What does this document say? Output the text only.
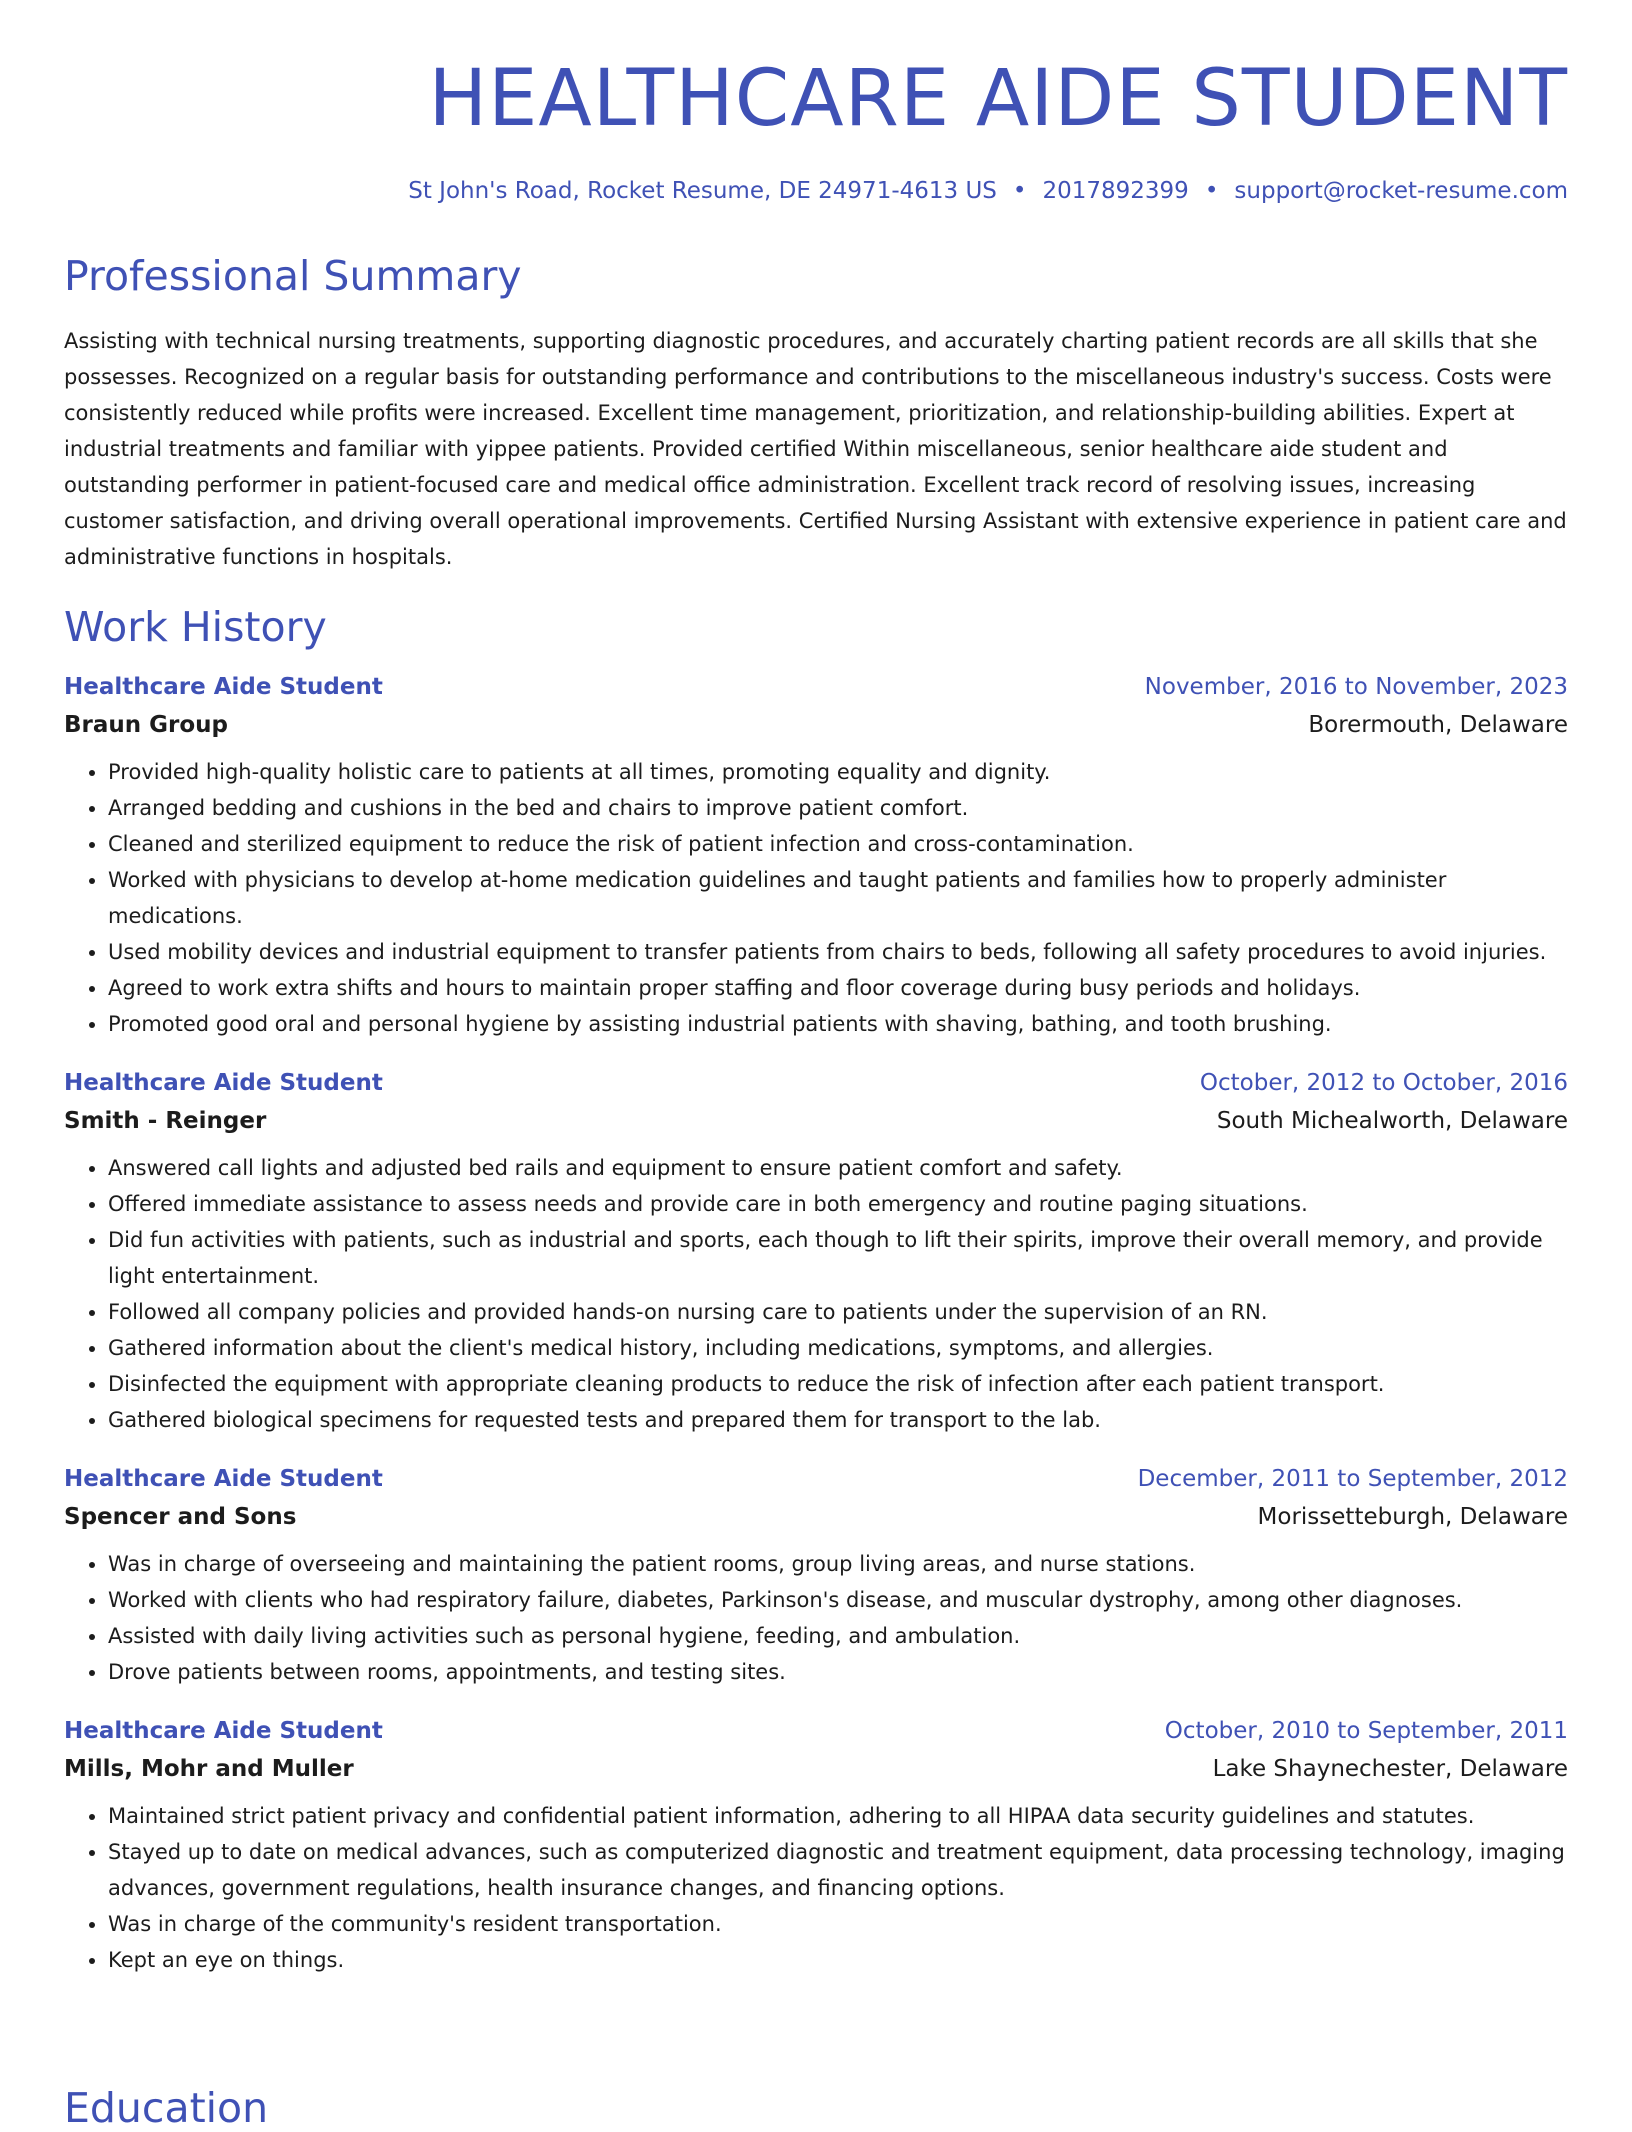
HEALTHCARE AIDE STUDENT
St John's Road, Rocket Resume, DE 24971-4613 US • 2017892399 • support@rocket-resume.com
Professional Summary
Assisting with technical nursing treatments, supporting diagnostic procedures, and accurately charting patient records are all skills that she possesses. Recognized on a regular basis for outstanding performance and contributions to the miscellaneous industry's success. Costs were consistently reduced while profits were increased. Excellent time management, prioritization, and relationship-building abilities. Expert at industrial treatments and familiar with yippee patients. Provided certified Within miscellaneous, senior healthcare aide student and outstanding performer in patient-focused care and medical office administration. Excellent track record of resolving issues, increasing customer satisfaction, and driving overall operational improvements. Certified Nursing Assistant with extensive experience in patient care and administrative functions in hospitals.
Work History
Healthcare Aide Student	November, 2016 to November, 2023
Braun Group	Borermouth, Delaware
• Provided high-quality holistic care to patients at all times, promoting equality and dignity.
• Arranged bedding and cushions in the bed and chairs to improve patient comfort.
• Cleaned and sterilized equipment to reduce the risk of patient infection and cross-contamination.
• Worked with physicians to develop at-home medication guidelines and taught patients and families how to properly administer medications.
• Used mobility devices and industrial equipment to transfer patients from chairs to beds, following all safety procedures to avoid injuries.
• Agreed to work extra shifts and hours to maintain proper staffing and floor coverage during busy periods and holidays.
• Promoted good oral and personal hygiene by assisting industrial patients with shaving, bathing, and tooth brushing.
Healthcare Aide Student	October, 2012 to October, 2016
Smith - Reinger	South Michealworth, Delaware
• Answered call lights and adjusted bed rails and equipment to ensure patient comfort and safety.
• Offered immediate assistance to assess needs and provide care in both emergency and routine paging situations.
• Did fun activities with patients, such as industrial and sports, each though to lift their spirits, improve their overall memory, and provide light entertainment.
• Followed all company policies and provided hands-on nursing care to patients under the supervision of an RN.
• Gathered information about the client's medical history, including medications, symptoms, and allergies.
• Disinfected the equipment with appropriate cleaning products to reduce the risk of infection after each patient transport.
• Gathered biological specimens for requested tests and prepared them for transport to the lab.
Healthcare Aide Student	December, 2011 to September, 2012
Spencer and Sons	Morissetteburgh, Delaware
• Was in charge of overseeing and maintaining the patient rooms, group living areas, and nurse stations.
• Worked with clients who had respiratory failure, diabetes, Parkinson's disease, and muscular dystrophy, among other diagnoses.
• Assisted with daily living activities such as personal hygiene, feeding, and ambulation.
• Drove patients between rooms, appointments, and testing sites.
Healthcare Aide Student	October, 2010 to September, 2011
Mills, Mohr and Muller	Lake Shaynechester, Delaware
• Maintained strict patient privacy and confidential patient information, adhering to all HIPAA data security guidelines and statutes.
• Stayed up to date on medical advances, such as computerized diagnostic and treatment equipment, data processing technology, imaging advances, government regulations, health insurance changes, and financing options.
• Was in charge of the community's resident transportation.
• Kept an eye on things.
Education
